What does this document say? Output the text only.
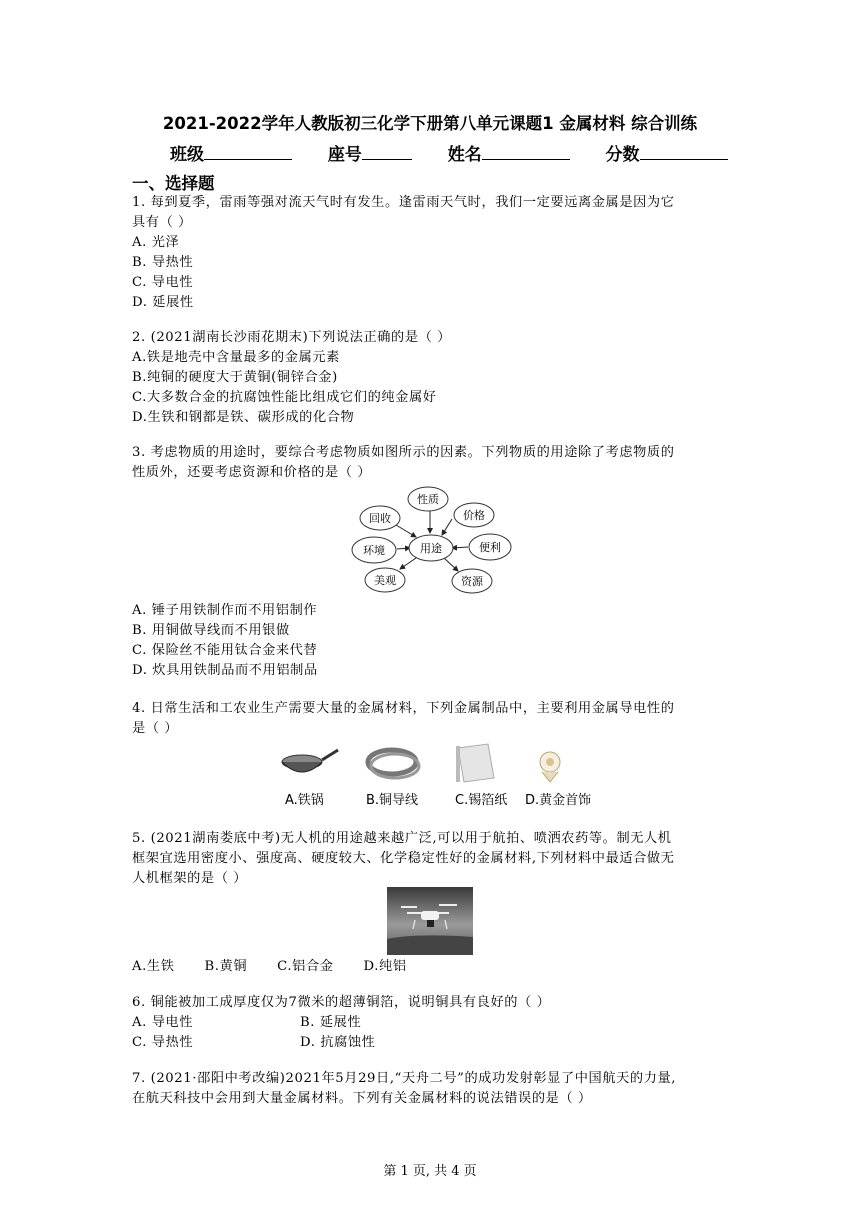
2021-2022学年人教版初三化学下册第八单元课题1 金属材料 综合训练
班级	座号	姓名	分数
一、选择题
1. 每到夏季，雷雨等强对流天气时有发生。逢雷雨天气时，我们一定要远离金属是因为它
具有（ ）
A. 光泽
B. 导热性
C. 导电性
D. 延展性
2. (2021湖南长沙雨花期末)下列说法正确的是（ ）
A.铁是地壳中含量最多的金属元素
B.纯铜的硬度大于黄铜(铜锌合金)
C.大多数合金的抗腐蚀性能比组成它们的纯金属好
D.生铁和钢都是铁、碳形成的化合物
3. 考虑物质的用途时，要综合考虑物质如图所示的因素。下列物质的用途除了考虑物质的
性质外，还要考虑资源和价格的是（ ）
用途
性质
价格
回收
环境	便利
美观	资源
A. 锤子用铁制作而不用铝制作
B. 用铜做导线而不用银做
C. 保险丝不能用钛合金来代替
D. 炊具用铁制品而不用铝制品
4. 日常生活和工农业生产需要大量的金属材料，下列金属制品中，主要利用金属导电性的
是（ ）
A.铁锅	B.铜导线	C.锡箔纸 D.黄金首饰
5. (2021湖南娄底中考)无人机的用途越来越广泛,可以用于航拍、喷洒农药等。制无人机
框架宜选用密度小、强度高、硬度较大、化学稳定性好的金属材料,下列材料中最适合做无
人机框架的是（ ）
A.生铁 B.黄铜 C.铝合金 D.纯铝
6. 铜能被加工成厚度仅为7微米的超薄铜箔，说明铜具有良好的（ ）
A. 导电性	B. 延展性
C. 导热性	D. 抗腐蚀性
7. (2021·邵阳中考改编)2021年5月29日,“天舟二号”的成功发射彰显了中国航天的力量,
在航天科技中会用到大量金属材料。下列有关金属材料的说法错误的是（ ）
第 1 页, 共 4 页
